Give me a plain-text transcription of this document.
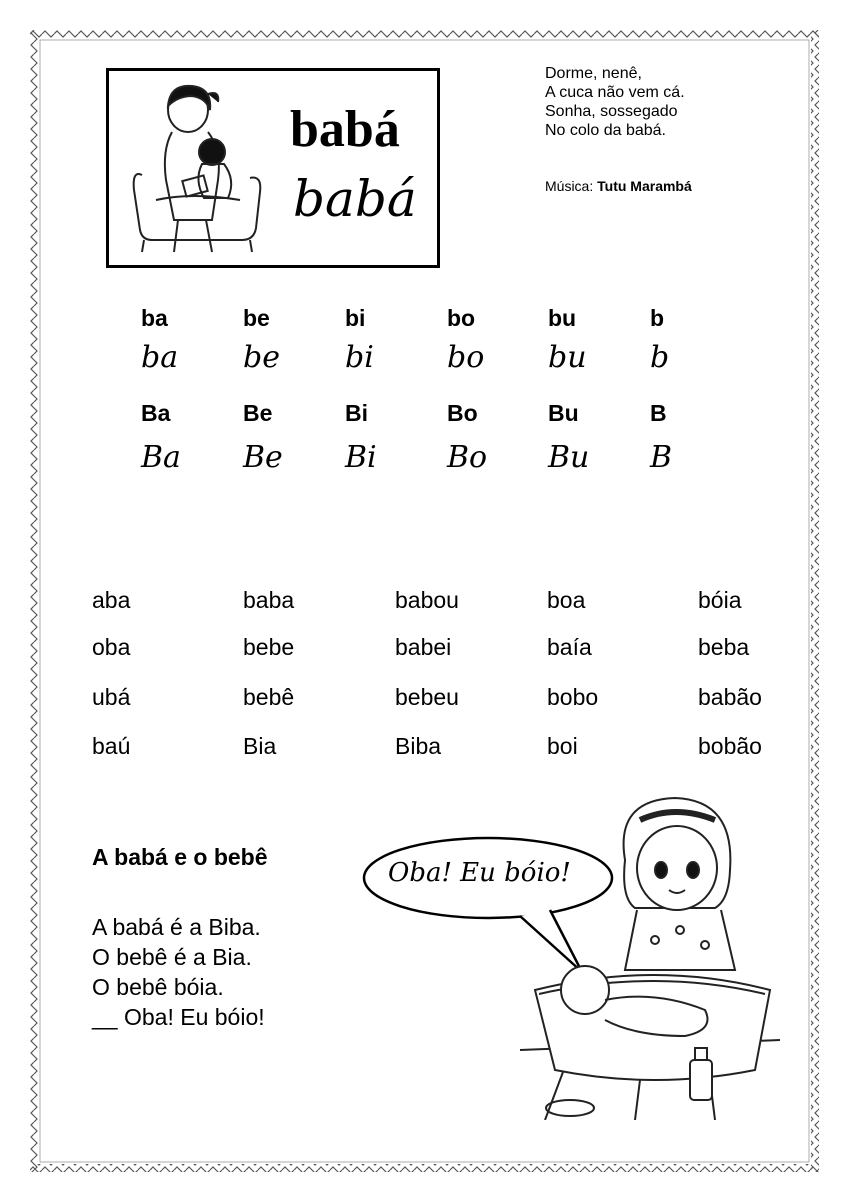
babá
babá
Dorme, nenê,
A cuca não vem cá.
Sonha, sossegado
No colo da babá.
Música: Tutu Marambá
ba	be	bi	bo	bu	b
ba be bi bo bu b
Ba	Be	Bi	Bo	Bu	B
Ba Be Bi Bo Bu B
aba	baba	babou	boa	bóia
oba	bebe	babei	baía	beba
ubá	bebê	bebeu	bobo	babão
baú	Bia	Biba	boi	bobão
A babá e o bebê
A babá é a Biba.
O bebê é a Bia.
O bebê bóia.
__ Oba! Eu bóio!
Oba! Eu bóio!
